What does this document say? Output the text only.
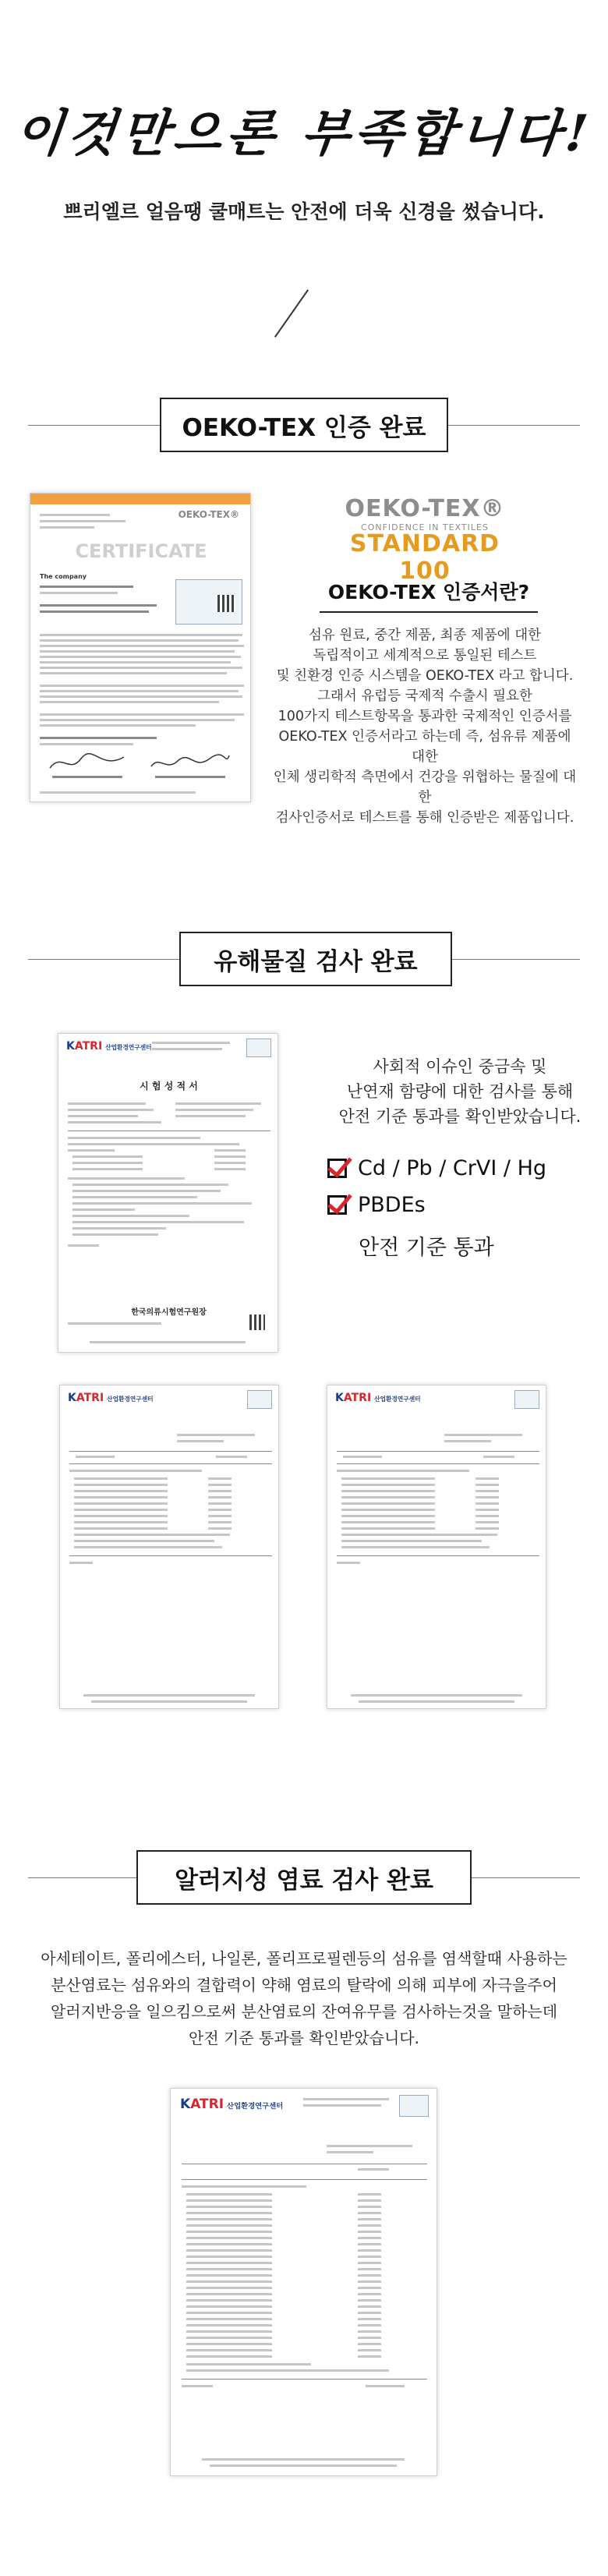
이것만으론 부족합니다!
쁘리엘르 얼음땡 쿨매트는 안전에 더욱 신경을 썼습니다.
OEKO-TEX 인증 완료
OEKO-TEX®
CERTIFICATE
The company
OEKO-TEX®
CONFIDENCE IN TEXTILES
STANDARD 100
OEKO-TEX 인증서란?
섬유 원료, 중간 제품, 최종 제품에 대한
독립적이고 세계적으로 통일된 테스트
및 친환경 인증 시스템을 OEKO-TEX 라고 합니다.
그래서 유럽등 국제적 수출시 필요한
100가지 테스트항목을 통과한 국제적인 인증서를
OEKO-TEX 인증서라고 하는데 즉, 섬유류 제품에 대한
인체 생리학적 측면에서 건강을 위협하는 물질에 대한
검사인증서로 테스트를 통해 인증받은 제품입니다.
유해물질 검사 완료
KATRI 산업환경연구센터
시 험 성 적 서
한국의류시험연구원장
사회적 이슈인 중금속 및
난연재 함량에 대한 검사를 통해
안전 기준 통과를 확인받았습니다.
Cd / Pb / CrVI / Hg
PBDEs
안전 기준 통과
KATRI 산업환경연구센터	KATRI 산업환경연구센터
알러지성 염료 검사 완료
아세테이트, 폴리에스터, 나일론, 폴리프로필렌등의 섬유를 염색할때 사용하는
분산염료는 섬유와의 결합력이 약해 염료의 탈락에 의해 피부에 자극을주어
알러지반응을 일으킴으로써 분산염료의 잔여유무를 검사하는것을 말하는데
안전 기준 통과를 확인받았습니다.
KATRI 산업환경연구센터
